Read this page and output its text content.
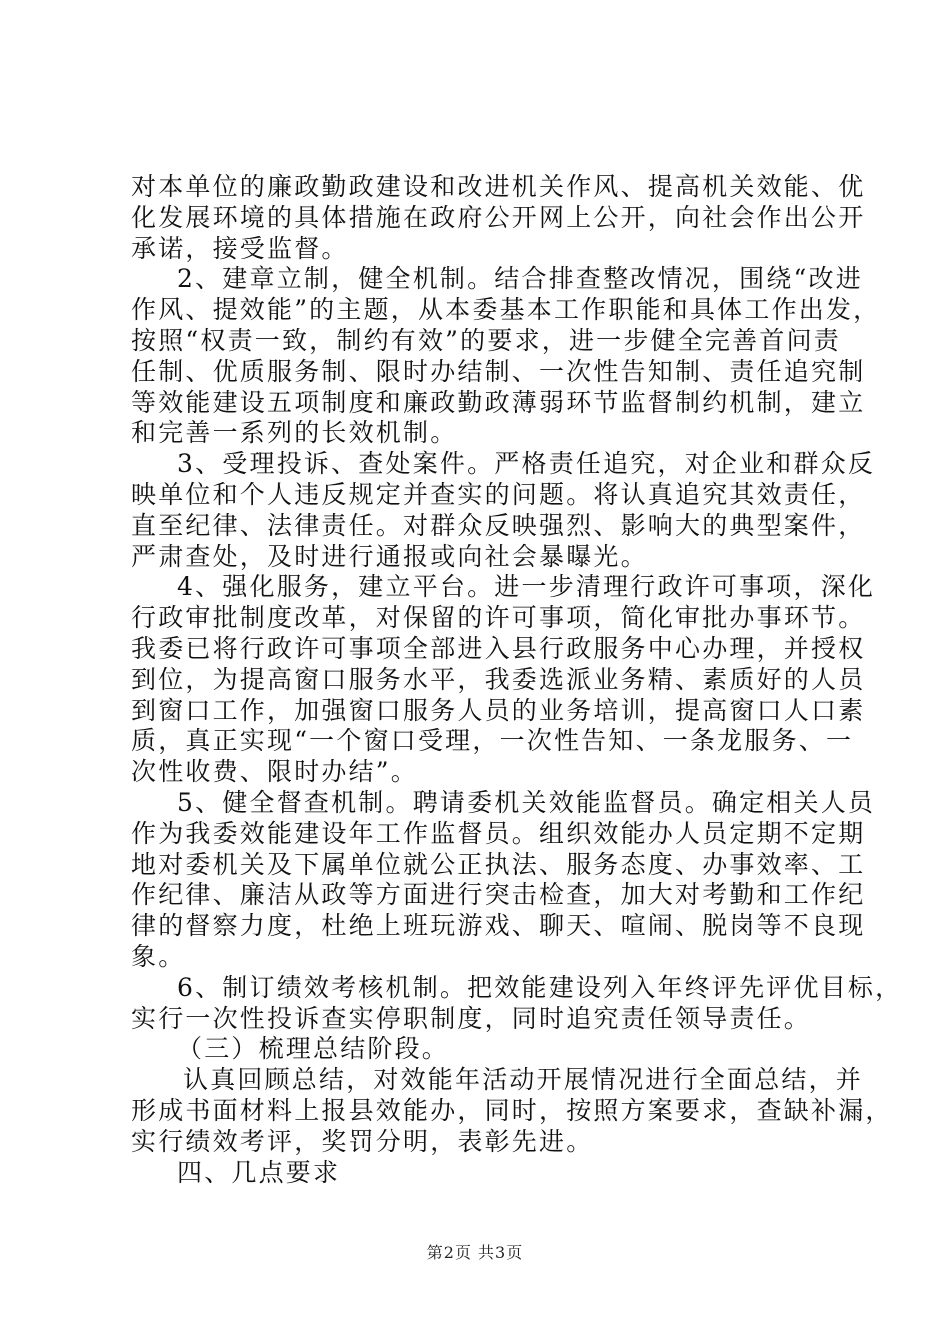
对本单位的廉政勤政建设和改进机关作风、提高机关效能、优
化发展环境的具体措施在政府公开网上公开，向社会作出公开
承诺，接受监督。
2、建章立制，健全机制。结合排查整改情况，围绕“改进
作风、提效能”的主题，从本委基本工作职能和具体工作出发，
按照“权责一致，制约有效”的要求，进一步健全完善首问责
任制、优质服务制、限时办结制、一次性告知制、责任追究制
等效能建设五项制度和廉政勤政薄弱环节监督制约机制，建立
和完善一系列的长效机制。
3、受理投诉、查处案件。严格责任追究，对企业和群众反
映单位和个人违反规定并查实的问题。将认真追究其效责任，
直至纪律、法律责任。对群众反映强烈、影响大的典型案件，
严肃查处，及时进行通报或向社会暴曝光。
4、强化服务，建立平台。进一步清理行政许可事项，深化
行政审批制度改革，对保留的许可事项，简化审批办事环节。
我委已将行政许可事项全部进入县行政服务中心办理，并授权
到位，为提高窗口服务水平，我委选派业务精、素质好的人员
到窗口工作，加强窗口服务人员的业务培训，提高窗口人口素
质，真正实现“一个窗口受理，一次性告知、一条龙服务、一
次性收费、限时办结”。
5、健全督查机制。聘请委机关效能监督员。确定相关人员
作为我委效能建设年工作监督员。组织效能办人员定期不定期
地对委机关及下属单位就公正执法、服务态度、办事效率、工
作纪律、廉洁从政等方面进行突击检查，加大对考勤和工作纪
律的督察力度，杜绝上班玩游戏、聊天、喧闹、脱岗等不良现
象。
6、制订绩效考核机制。把效能建设列入年终评先评优目标，
实行一次性投诉查实停职制度，同时追究责任领导责任。
（三）梳理总结阶段。
认真回顾总结，对效能年活动开展情况进行全面总结，并
形成书面材料上报县效能办，同时，按照方案要求，查缺补漏，
实行绩效考评，奖罚分明，表彰先进。
四、几点要求
第2页 共3页
